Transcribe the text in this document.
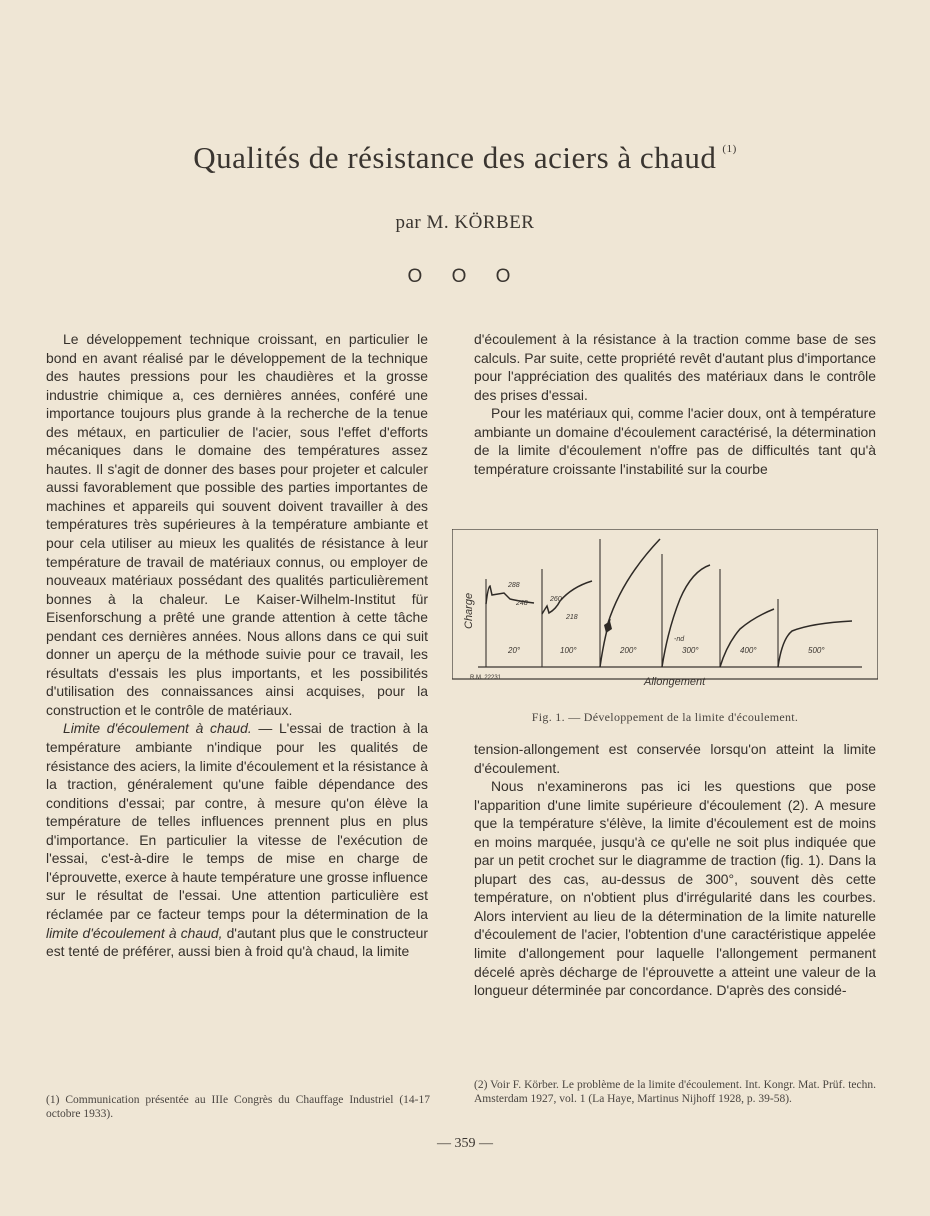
Qualités de résistance des aciers à chaud $^{(1)}$
par M. KÖRBER
O O O

Le développement technique croissant, en particulier le bond en avant réalisé par le développement de la technique des hautes pressions pour les chaudières et la grosse industrie chimique a, ces dernières années, conféré une importance toujours plus grande à la recherche de la tenue des métaux, en particulier de l'acier, sous l'effet d'efforts mécaniques dans le domaine des températures assez hautes. Il s'agit de donner des bases pour projeter et calculer aussi favorablement que possible des parties importantes de machines et appareils qui souvent doivent travailler à des températures très supérieures à la température ambiante et pour cela utiliser au mieux les qualités de résistance à leur température de travail de matériaux connus, ou employer de nouveaux matériaux possédant des qualités particulièrement bonnes à la chaleur. Le Kaiser-Wilhelm-Institut für Eisenforschung a prêté une grande attention à cette tâche pendant ces dernières années. Nous allons dans ce qui suit donner un aperçu de la méthode suivie pour ce travail, les résultats d'essais les plus importants, et les possibilités d'utilisation des connaissances ainsi acquises, pour la construction et le contrôle de matériaux.

Limite d'écoulement à chaud. — L'essai de traction à la température ambiante n'indique pour les qualités de résistance des aciers, la limite d'écoulement et la résistance à la traction, généralement qu'une faible dépendance des conditions d'essai; par contre, à mesure qu'on élève la température de telles influences prennent plus en plus d'importance. En particulier la vitesse de l'exécution de l'essai, c'est-à-dire le temps de mise en charge de l'éprouvette, exerce à haute température une grosse influence sur le résultat de l'essai. Une attention particulière est réclamée par ce facteur temps pour la détermination de la limite d'écoulement à chaud, d'autant plus que le constructeur est tenté de préférer, aussi bien à froid qu'à chaud, la limite

d'écoulement à la résistance à la traction comme base de ses calculs. Par suite, cette propriété revêt d'autant plus d'importance pour l'appréciation des qualités des matériaux dans le contrôle des prises d'essai.

Pour les matériaux qui, comme l'acier doux, ont à température ambiante un domaine d'écoulement caractérisé, la détermination de la limite d'écoulement n'offre pas de difficultés tant qu'à température croissante l'instabilité sur la courbe

Charge
288
248
260
218
-nd
20°	100°	200°	300°	400°	500°
R.M. 22231	Allongement
Fig. 1. — Développement de la limite d'écoulement.

tension-allongement est conservée lorsqu'on atteint la limite d'écoulement.

Nous n'examinerons pas ici les questions que pose l'apparition d'une limite supérieure d'écoulement (2). A mesure que la température s'élève, la limite d'écoulement est de moins en moins marquée, jusqu'à ce qu'elle ne soit plus indiquée que par un petit crochet sur le diagramme de traction (fig. 1). Dans la plupart des cas, au-dessus de 300°, souvent dès cette température, on n'obtient plus d'irrégularité dans les courbes. Alors intervient au lieu de la détermination de la limite naturelle d'écoulement de l'acier, l'obtention d'une caractéristique appelée limite d'allongement pour laquelle l'allongement permanent décelé après décharge de l'éprouvette a atteint une valeur de la longueur déterminée par concordance. D'après des considé-

(1) Communication présentée au IIIe Congrès du Chauffage Industriel (14-17 octobre 1933).
(2) Voir F. Körber. Le problème de la limite d'écoulement. Int. Kongr. Mat. Prüf. techn. Amsterdam 1927, vol. 1 (La Haye, Martinus Nijhoff 1928, p. 39-58).
— 359 —
